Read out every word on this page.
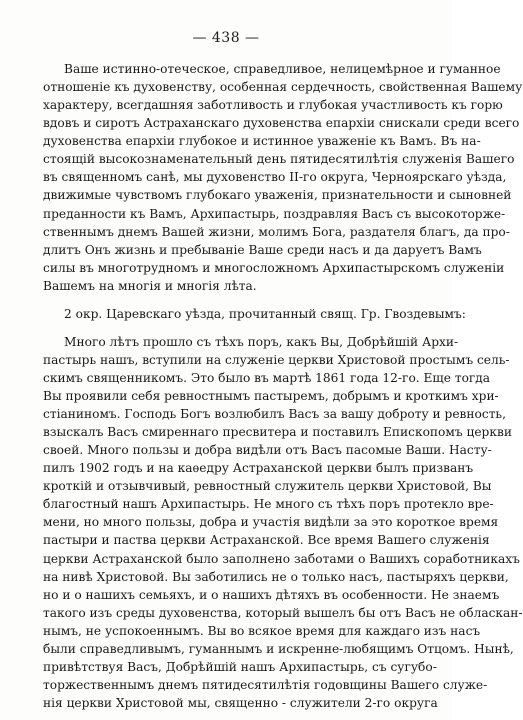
— 438 —
Ваше истинно-отеческое, справедливое, нелицемѣрное и гуманное
отношеніе къ духовенству, особенная сердечность, свойственная Вашему
характеру, всегдашняя заботливость и глубокая участливость къ горю
вдовъ и сиротъ Астраханскаго духовенства епархіи снискали среди всего
духовенства епархіи глубокое и истинное уваженіе къ Вамъ. Въ на-
стоящій высокознаменательный день пятидесятилѣтія служенія Вашего
въ священномъ санѣ, мы духовенство II-го округа, Черноярскаго уѣзда,
движимые чувствомъ глубокаго уваженія, признательности и сыновней
преданности къ Вамъ, Архипастырь, поздравляя Васъ съ высокоторже-
ственнымъ днемъ Вашей жизни, молимъ Бога, раздателя благъ, да про-
длитъ Онъ жизнь и пребываніе Ваше среди насъ и да даруетъ Вамъ
силы въ многотрудномъ и многосложномъ Архипастырскомъ служеніи
Вашемъ на многія и многія лѣта.
2 окр. Царевскаго уѣзда, прочитанный свящ. Гр. Гвоздевымъ:
Много лѣтъ прошло съ тѣхъ поръ, какъ Вы, Добрѣйшій Архи-
пастырь нашъ, вступили на служеніе церкви Христовой простымъ сель-
скимъ священникомъ. Это было въ мартѣ 1861 года 12-го. Еще тогда
Вы проявили себя ревностнымъ пастыремъ, добрымъ и кроткимъ хри-
стіаниномъ. Господь Богъ возлюбилъ Васъ за вашу доброту и ревность,
взыскалъ Васъ смиреннаго пресвитера и поставилъ Епископомъ церкви
своей. Много пользы и добра видѣли отъ Васъ пасомые Ваши. Насту-
пилъ 1902 годъ и на каѳедру Астраханской церкви былъ призванъ
кроткій и отзывчивый, ревностный служитель церкви Христовой, Вы
благостный нашъ Архипастырь. Не много съ тѣхъ поръ протекло вре-
мени, но много пользы, добра и участія видѣли за это короткое время
пастыри и паства церкви Астраханской. Все время Вашего служенія
церкви Астраханской было заполнено заботами о Вашихъ соработникахъ
на нивѣ Христовой. Вы заботились не о только насъ, пастыряхъ церкви,
но и о нашихъ семьяхъ, и о нашихъ дѣтяхъ въ особенности. Не знаемъ
такого изъ среды духовенства, который вышелъ бы отъ Васъ не обласкан-
нымъ, не успокоеннымъ. Вы во всякое время для каждаго изъ насъ
были справедливымъ, гуманнымъ и искренне-любящимъ Отцомъ. Нынѣ,
привѣтствуя Васъ, Добрѣйшій нашъ Архипастырь, съ сугубо-
торжественнымъ днемъ пятидесятилѣтія годовщины Вашего служе-
нія церкви Христовой мы, священно - служители 2-го округа
